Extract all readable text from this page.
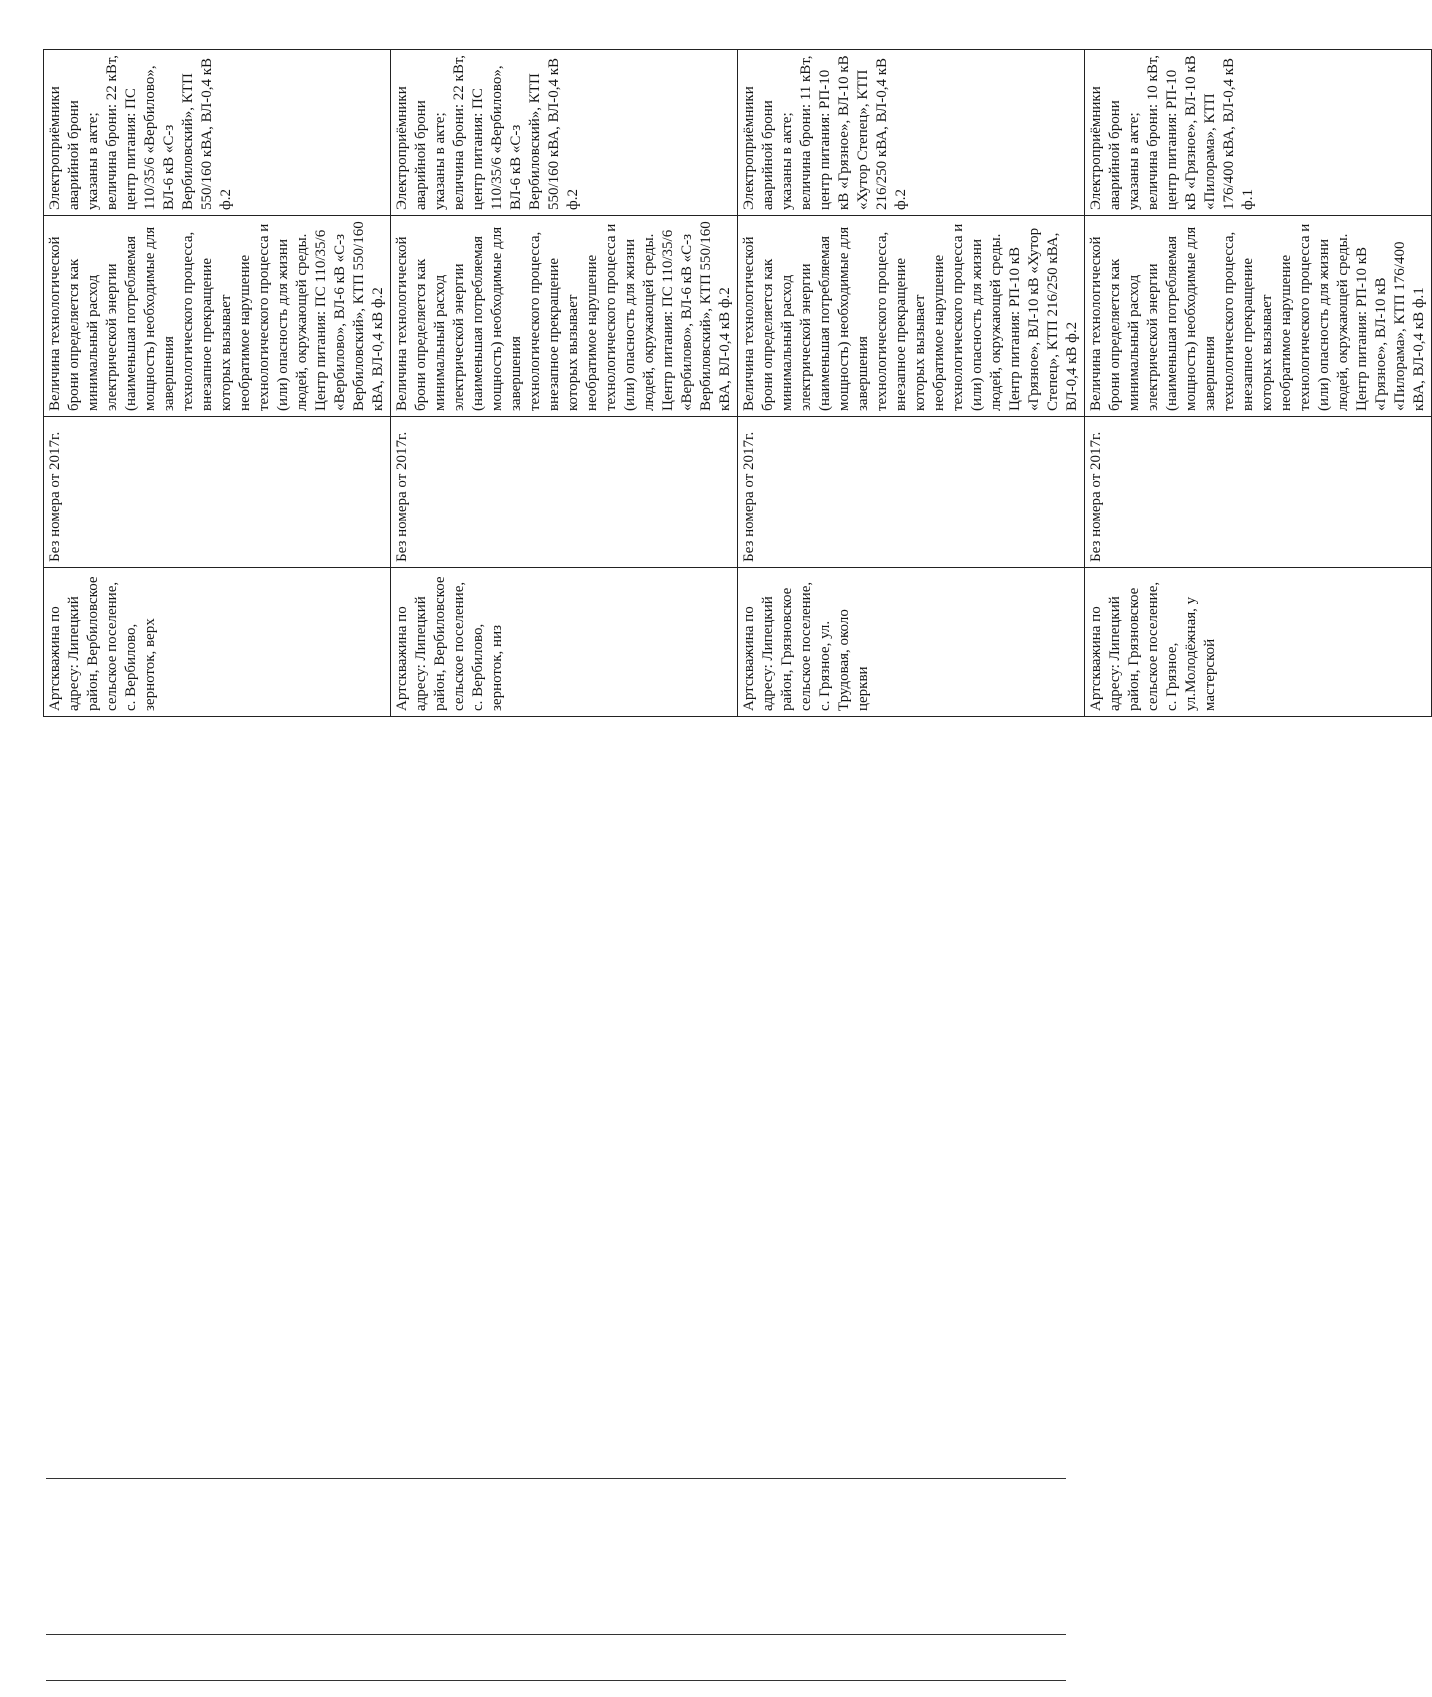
Артскважина по адресу: Липецкий район, Вербиловское сельское поселение, с. Вербилово, зерноток, верх	Без номера от 2017г.	Величина технологической брони определяется как минимальный расход электрической энергии (наименьшая потребляемая мощность) необходимые для завершения технологического процесса, внезапное прекращение которых вызывает необратимое нарушение технологического процесса и (или) опасность для жизни людей, окружающей среды. Центр питания: ПС 110/35/6 «Вербилово», ВЛ-6 кВ «С-з Вербиловский», КТП 550/160 кВА, ВЛ-0,4 кВ ф.2	Электроприёмники аварийной брони указаны в акте; величина брони: 22 кВт, центр питания: ПС 110/35/6 «Вербилово», ВЛ-6 кВ «С-з Вербиловский», КТП 550/160 кВА, ВЛ-0,4 кВ ф.2
Артскважина по адресу: Липецкий район, Вербиловское сельское поселение, с. Вербилово, зерноток, низ	Без номера от 2017г.	Величина технологической брони определяется как минимальный расход электрической энергии (наименьшая потребляемая мощность) необходимые для завершения технологического процесса, внезапное прекращение которых вызывает необратимое нарушение технологического процесса и (или) опасность для жизни людей, окружающей среды. Центр питания: ПС 110/35/6 «Вербилово», ВЛ-6 кВ «С-з Вербиловский», КТП 550/160 кВА, ВЛ-0,4 кВ ф.2	Электроприёмники аварийной брони указаны в акте; величина брони: 22 кВт, центр питания: ПС 110/35/6 «Вербилово», ВЛ-6 кВ «С-з Вербиловский», КТП 550/160 кВА, ВЛ-0,4 кВ ф.2
Артскважина по адресу: Липецкий район, Грязновское сельское поселение, с. Грязное, ул. Трудовая, около церкви	Без номера от 2017г.	Величина технологической брони определяется как минимальный расход электрической энергии (наименьшая потребляемая мощность) необходимые для завершения технологического процесса, внезапное прекращение которых вызывает необратимое нарушение технологического процесса и (или) опасность для жизни людей, окружающей среды. Центр питания: РП-10 кВ «Грязное», ВЛ-10 кВ «Хутор Степец», КТП 216/250 кВА, ВЛ-0,4 кВ ф.2	Электроприёмники аварийной брони указаны в акте; величина брони: 11 кВт, центр питания: РП-10 кВ «Грязное», ВЛ-10 кВ «Хутор Степец», КТП 216/250 кВА, ВЛ-0,4 кВ ф.2
Артскважина по адресу: Липецкий район, Грязновское сельское поселение, с. Грязное, ул.Молодёжная, у мастерской	Без номера от 2017г.	Величина технологической брони определяется как минимальный расход электрической энергии (наименьшая потребляемая мощность) необходимые для завершения технологического процесса, внезапное прекращение которых вызывает необратимое нарушение технологического процесса и (или) опасность для жизни людей, окружающей среды. Центр питания: РП-10 кВ «Грязное», ВЛ-10 кВ «Пилорама», КТП 176/400 кВА, ВЛ-0,4 кВ ф.1	Электроприёмники аварийной брони указаны в акте; величина брони: 10 кВт, центр питания: РП-10 кВ «Грязное», ВЛ-10 кВ «Пилорама», КТП 176/400 кВА, ВЛ-0,4 кВ ф.1
